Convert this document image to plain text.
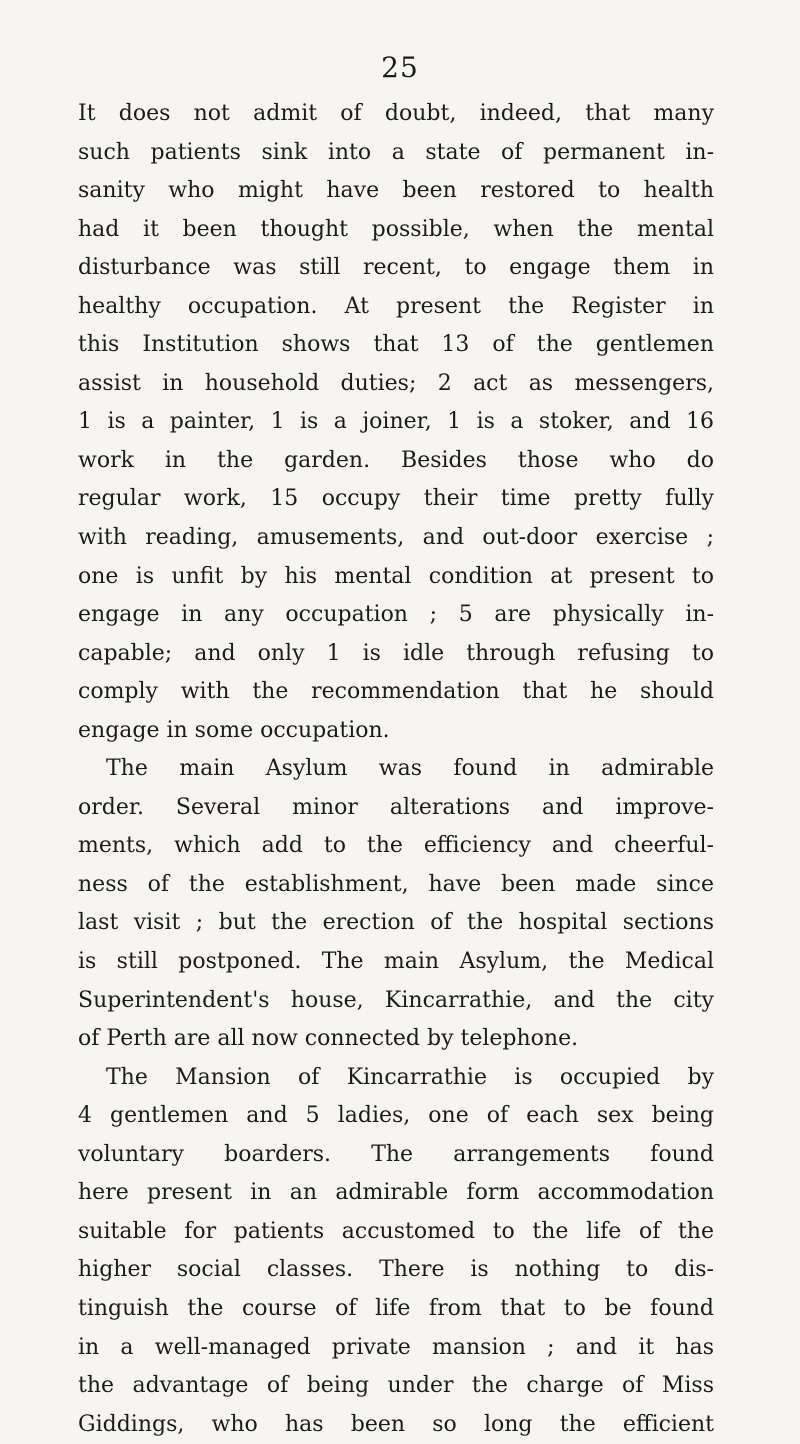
25
It does not admit of doubt, indeed, that many
such patients sink into a state of permanent in-
sanity who might have been restored to health
had it been thought possible, when the mental
disturbance was still recent, to engage them in
healthy occupation. At present the Register in
this Institution shows that 13 of the gentlemen
assist in household duties; 2 act as messengers,
1 is a painter, 1 is a joiner, 1 is a stoker, and 16
work in the garden. Besides those who do
regular work, 15 occupy their time pretty fully
with reading, amusements, and out-door exercise ;
one is unfit by his mental condition at present to
engage in any occupation ; 5 are physically in-
capable; and only 1 is idle through refusing to
comply with the recommendation that he should
engage in some occupation.
The main Asylum was found in admirable
order. Several minor alterations and improve-
ments, which add to the efficiency and cheerful-
ness of the establishment, have been made since
last visit ; but the erection of the hospital sections
is still postponed. The main Asylum, the Medical
Superintendent's house, Kincarrathie, and the city
of Perth are all now connected by telephone.
The Mansion of Kincarrathie is occupied by
4 gentlemen and 5 ladies, one of each sex being
voluntary boarders. The arrangements found
here present in an admirable form accommodation
suitable for patients accustomed to the life of the
higher social classes. There is nothing to dis-
tinguish the course of life from that to be found
in a well-managed private mansion ; and it has
the advantage of being under the charge of Miss
Giddings, who has been so long the efficient
